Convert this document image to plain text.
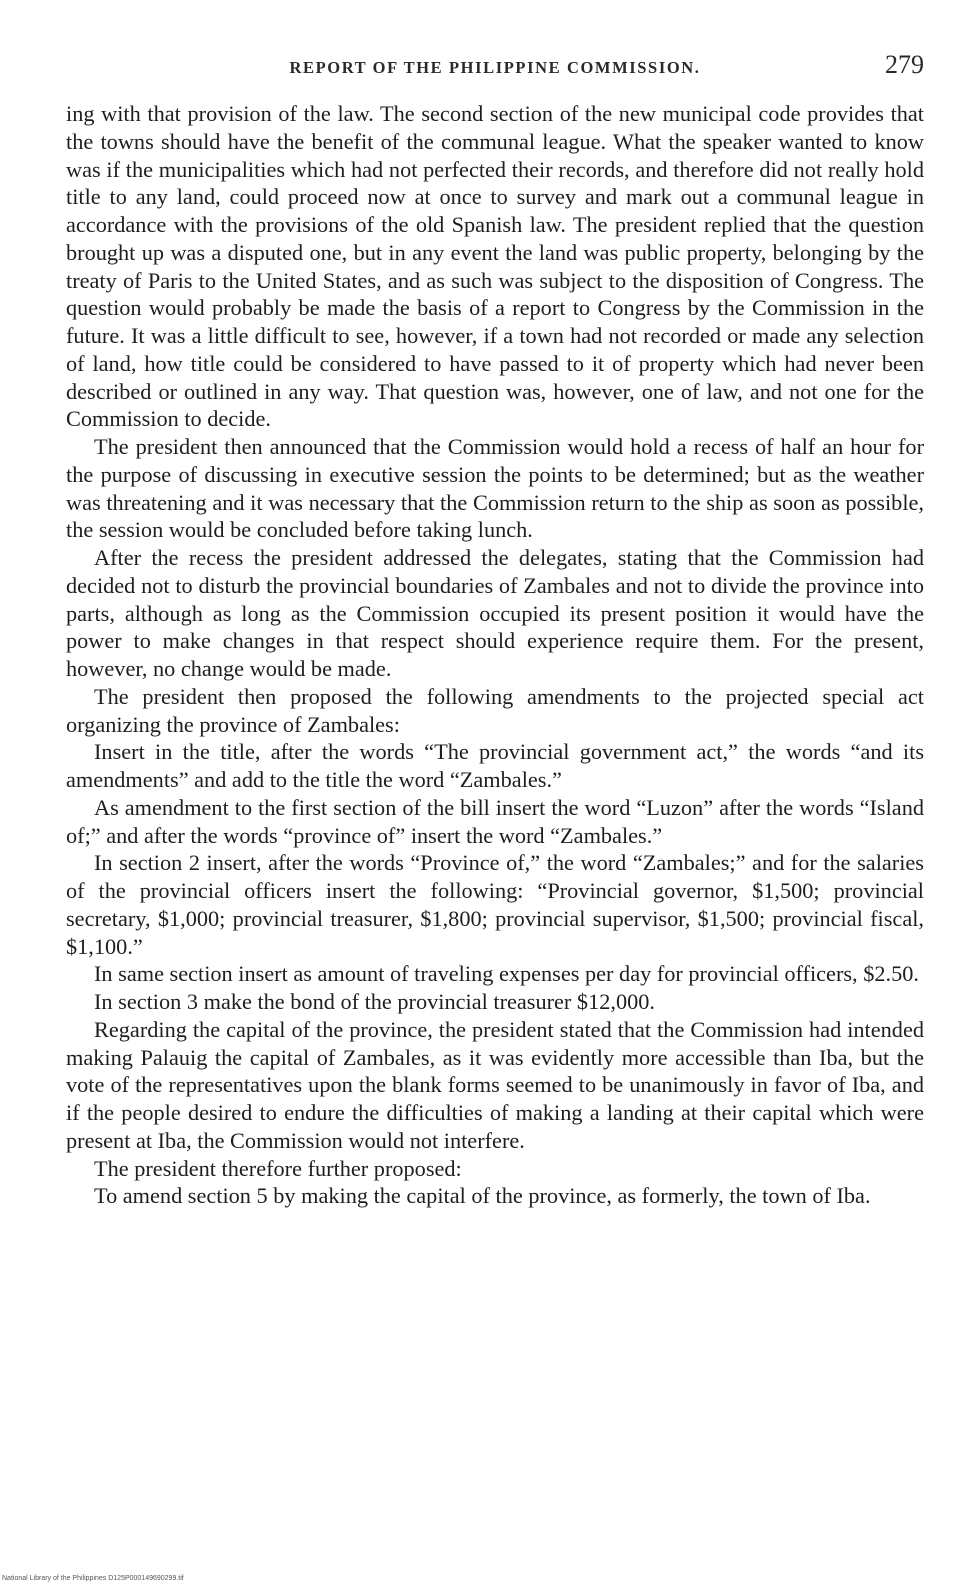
REPORT OF THE PHILIPPINE COMMISSION.	279

ing with that provision of the law. The second section of the new municipal code provides that the towns should have the benefit of the communal league. What the speaker wanted to know was if the municipalities which had not perfected their records, and therefore did not really hold title to any land, could proceed now at once to survey and mark out a communal league in accordance with the provisions of the old Spanish law. The president replied that the question brought up was a disputed one, but in any event the land was public property, belonging by the treaty of Paris to the United States, and as such was subject to the disposition of Congress. The question would probably be made the basis of a report to Congress by the Commission in the future. It was a little difficult to see, however, if a town had not recorded or made any selection of land, how title could be considered to have passed to it of property which had never been described or outlined in any way. That question was, however, one of law, and not one for the Commission to decide.

The president then announced that the Commission would hold a recess of half an hour for the purpose of discussing in executive session the points to be determined; but as the weather was threatening and it was necessary that the Commission return to the ship as soon as possible, the session would be concluded before taking lunch.

After the recess the president addressed the delegates, stating that the Commission had decided not to disturb the provincial boundaries of Zambales and not to divide the province into parts, although as long as the Commission occupied its present position it would have the power to make changes in that respect should experience require them. For the present, however, no change would be made.

The president then proposed the following amendments to the projected special act organizing the province of Zambales:

Insert in the title, after the words “The provincial government act,” the words “and its amendments” and add to the title the word “Zambales.”

As amendment to the first section of the bill insert the word “Luzon” after the words “Island of;” and after the words “province of” insert the word “Zambales.”

In section 2 insert, after the words “Province of,” the word “Zambales;” and for the salaries of the provincial officers insert the following: “Provincial governor, $1,500; provincial secretary, $1,000; provincial treasurer, $1,800; provincial supervisor, $1,500; provincial fiscal, $1,100.”

In same section insert as amount of traveling expenses per day for provincial officers, $2.50.

In section 3 make the bond of the provincial treasurer $12,000.

Regarding the capital of the province, the president stated that the Commission had intended making Palauig the capital of Zambales, as it was evidently more accessible than Iba, but the vote of the representatives upon the blank forms seemed to be unanimously in favor of Iba, and if the people desired to endure the difficulties of making a landing at their capital which were present at Iba, the Commission would not interfere.

The president therefore further proposed:

To amend section 5 by making the capital of the province, as formerly, the town of Iba.

National Library of the Philippines D125P000149690299.tif
